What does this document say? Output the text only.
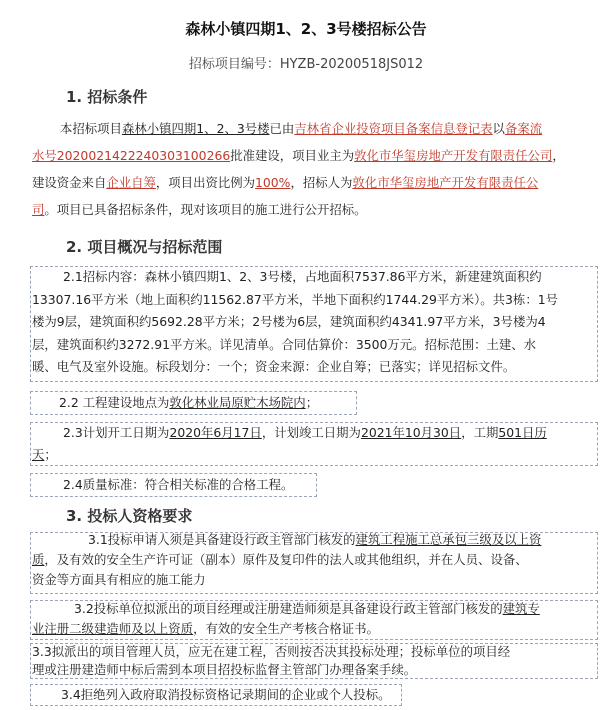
森林小镇四期1、2、3号楼招标公告
招标项目编号：HYZB-20200518JS012
1. 招标条件
本招标项目森林小镇四期1、2、3号楼已由吉林省企业投资项目备案信息登记表以备案流
水号2020021422240303100266批准建设，项目业主为敦化市华玺房地产开发有限责任公司，
建设资金来自企业自筹，项目出资比例为100%，招标人为敦化市华玺房地产开发有限责任公
司。项目已具备招标条件，现对该项目的施工进行公开招标。
2. 项目概况与招标范围
2.1招标内容：森林小镇四期1、2、3号楼，占地面积7537.86平方米，新建建筑面积约
13307.16平方米（地上面积约11562.87平方米，半地下面积约1744.29平方米）。共3栋：1号
楼为9层，建筑面积约5692.28平方米；2号楼为6层，建筑面积约4341.97平方米，3号楼为4
层，建筑面积约3272.91平方米。详见清单。合同估算价：3500万元。招标范围：土建、水
暖、电气及室外设施。标段划分：一个；资金来源：企业自筹；已落实；详见招标文件。
2.2 工程建设地点为敦化林业局原贮木场院内；
2.3计划开工日期为2020年6月17日，计划竣工日期为2021年10月30日，工期501日历
天；
2.4质量标准：符合相关标准的合格工程。
3. 投标人资格要求
3.1投标申请人须是具备建设行政主管部门核发的建筑工程施工总承包三级及以上资
质，及有效的安全生产许可证（副本）原件及复印件的法人或其他组织，并在人员、设备、
资金等方面具有相应的施工能力
3.2投标单位拟派出的项目经理或注册建造师须是具备建设行政主管部门核发的建筑专
业注册二级建造师及以上资质，有效的安全生产考核合格证书。
3.3拟派出的项目管理人员，应无在建工程，否则按否决其投标处理；投标单位的项目经
理或注册建造师中标后需到本项目招投标监督主管部门办理备案手续。
3.4拒绝列入政府取消投标资格记录期间的企业或个人投标。
